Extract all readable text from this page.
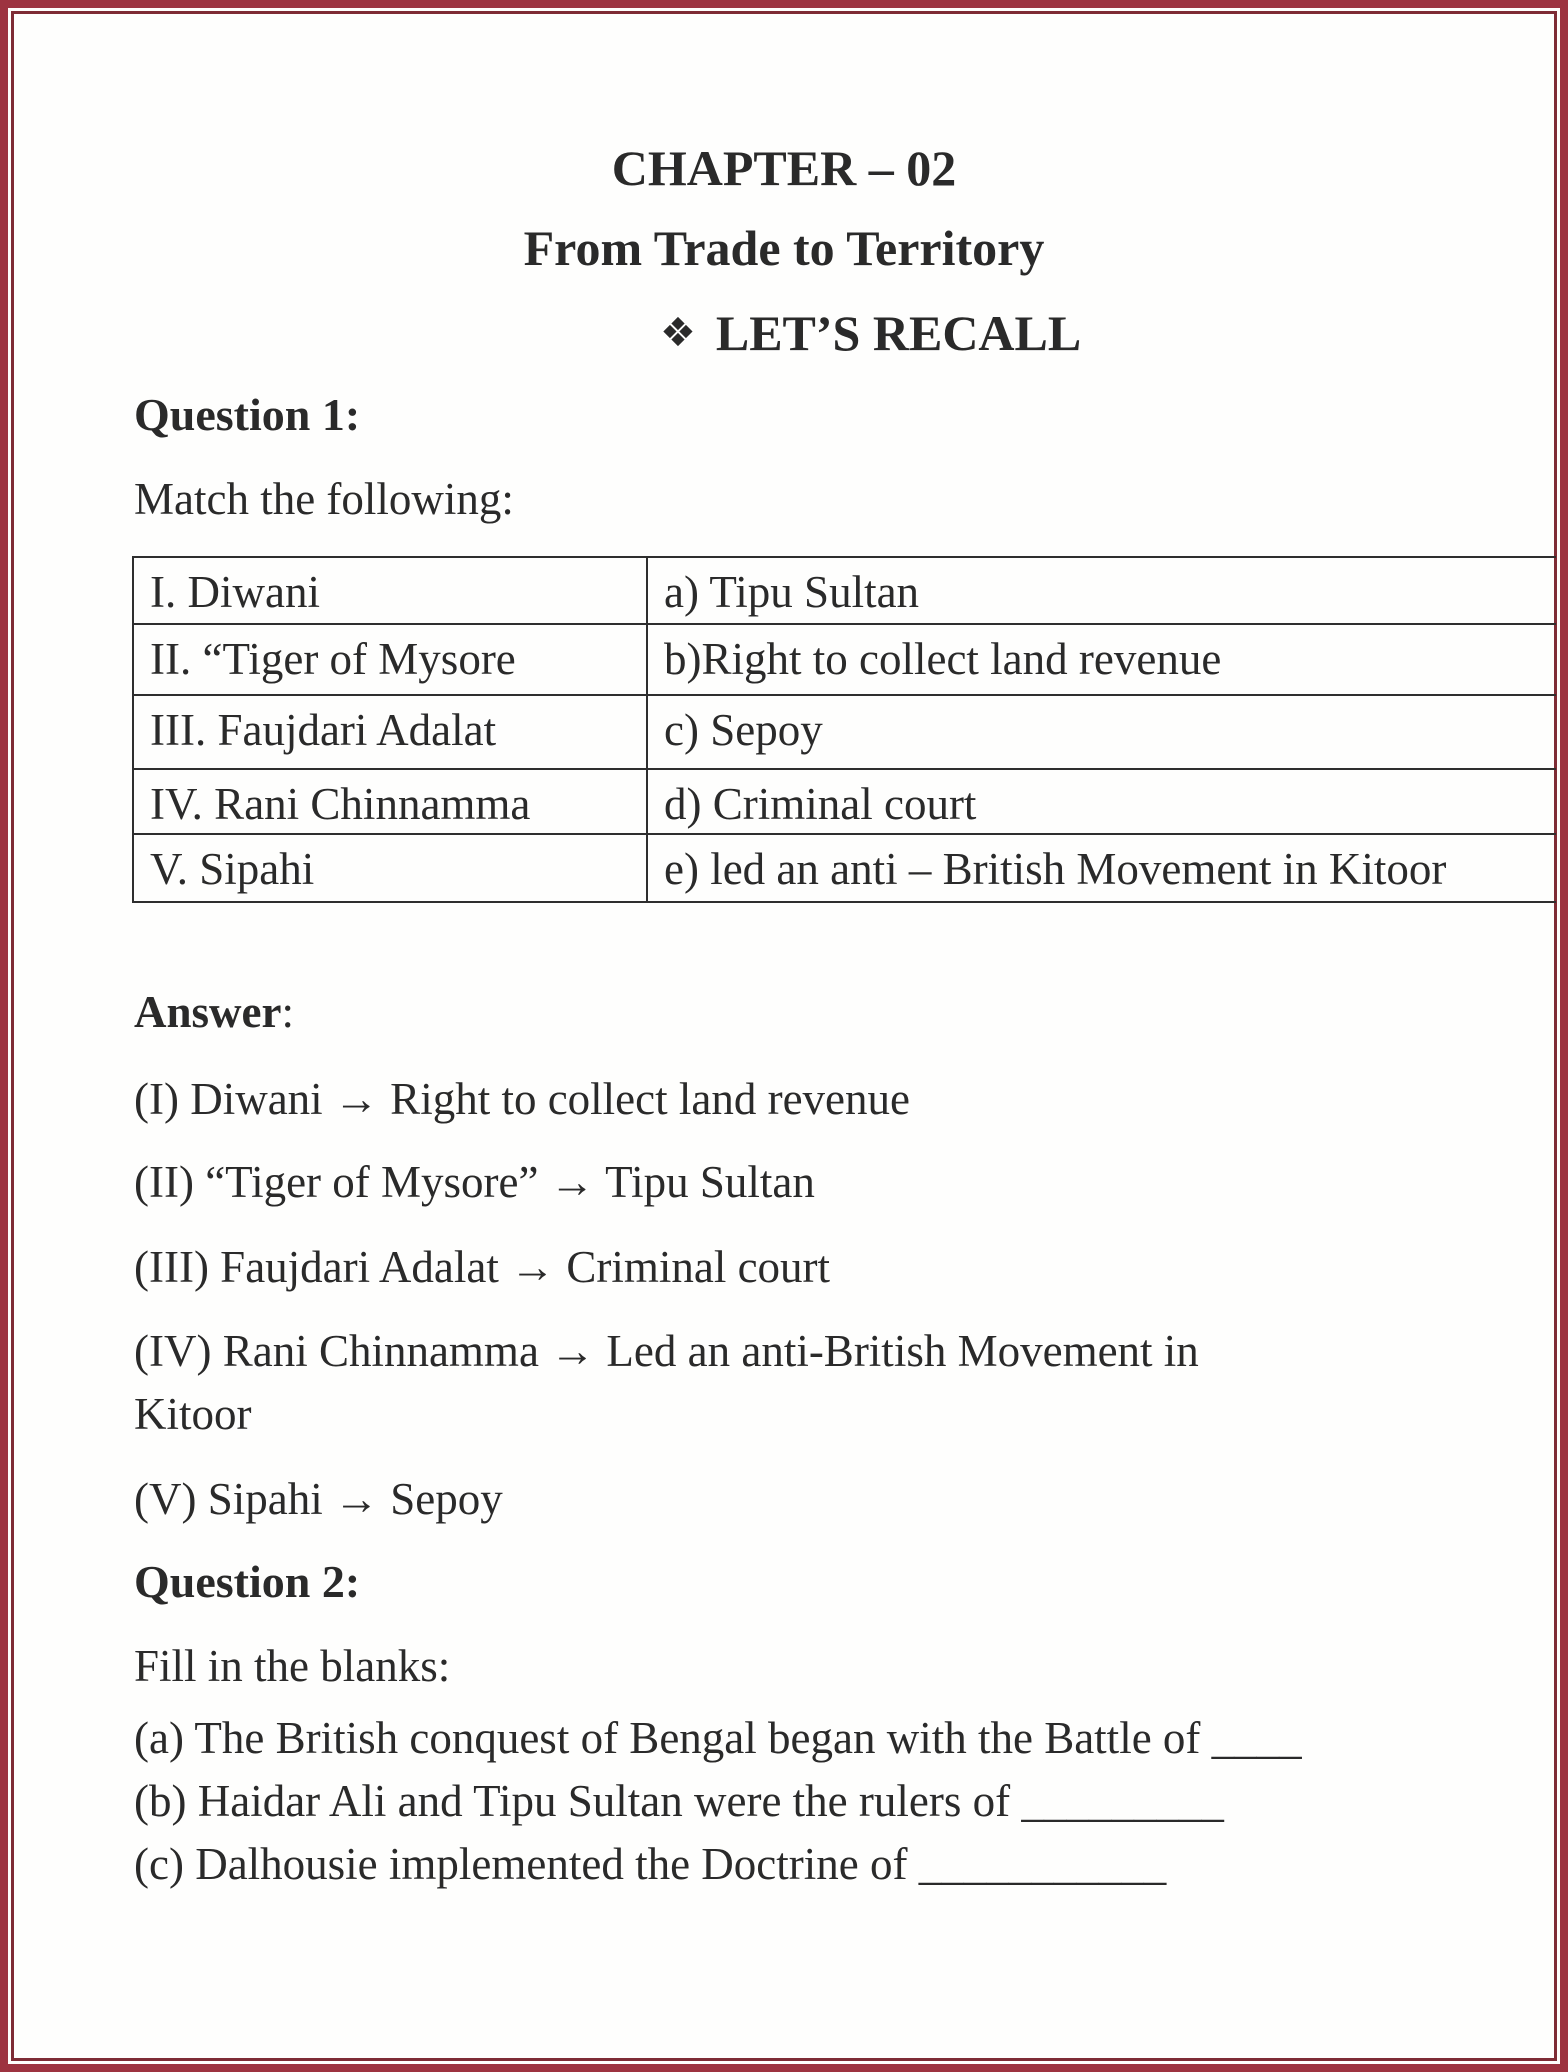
CHAPTER – 02
From Trade to Territory
❖ LET’S RECALL
Question 1:
Match the following:
I. Diwani	a) Tipu Sultan

II. “Tiger of Mysore	b)Right to collect land revenue

III. Faujdari Adalat	c) Sepoy

IV. Rani Chinnamma	d) Criminal court

V. Sipahi	e) led an anti – British Movement in Kitoor
Answer:
(I) Diwani → Right to collect land revenue
(II) “Tiger of Mysore” → Tipu Sultan
(III) Faujdari Adalat → Criminal court
(IV) Rani Chinnamma → Led an anti-British Movement in
Kitoor
(V) Sipahi → Sepoy
Question 2:
Fill in the blanks:
(a) The British conquest of Bengal began with the Battle of ____
(b) Haidar Ali and Tipu Sultan were the rulers of _________
(c) Dalhousie implemented the Doctrine of ___________
